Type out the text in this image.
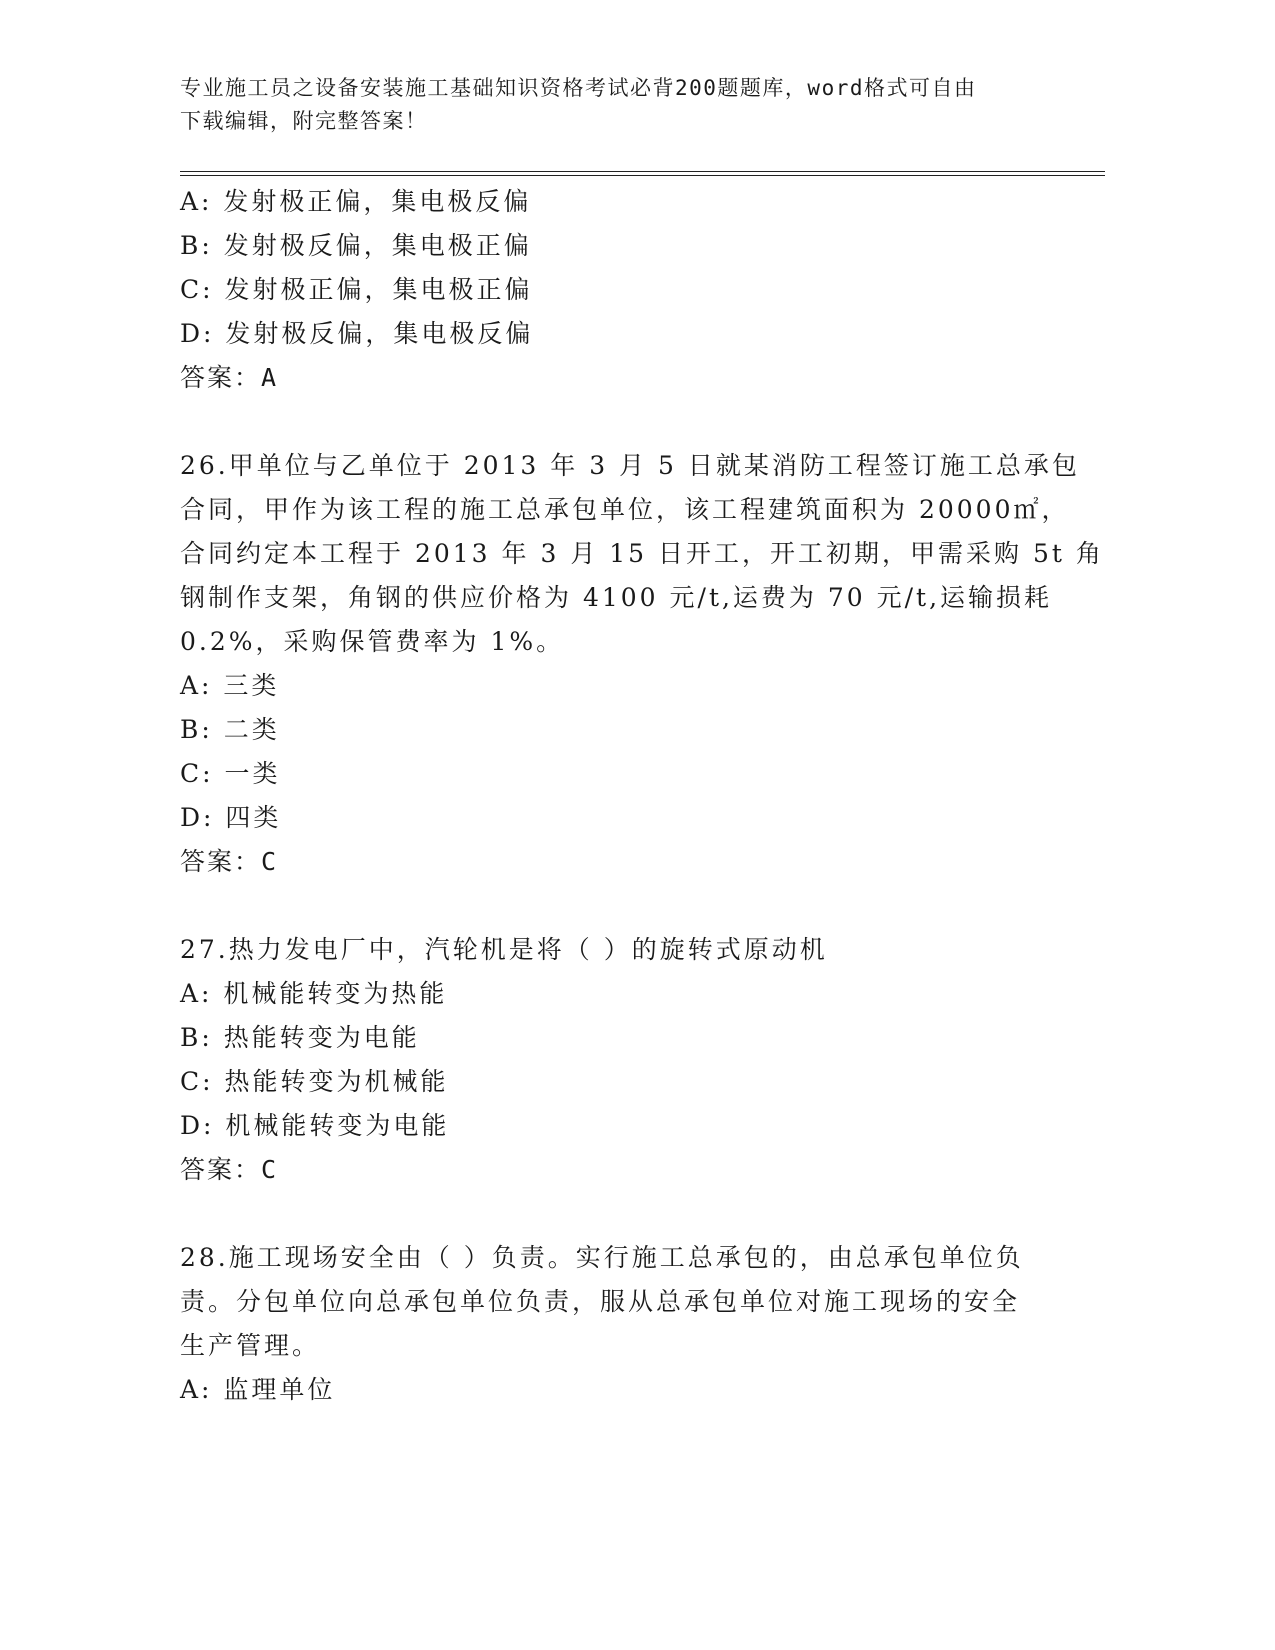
专业施工员之设备安装施工基础知识资格考试必背200题题库，word格式可自由
下载编辑，附完整答案！
A: 发射极正偏，集电极反偏
B: 发射极反偏，集电极正偏
C: 发射极正偏，集电极正偏
D: 发射极反偏，集电极反偏
答案：A
26.甲单位与乙单位于 2013 年 3 月 5 日就某消防工程签订施工总承包
合同，甲作为该工程的施工总承包单位，该工程建筑面积为 20000㎡，
合同约定本工程于 2013 年 3 月 15 日开工，开工初期，甲需采购 5t 角
钢制作支架，角钢的供应价格为 4100 元/t,运费为 70 元/t,运输损耗
0.2%，采购保管费率为 1%。
A: 三类
B: 二类
C: 一类
D: 四类
答案：C
27.热力发电厂中，汽轮机是将（ ）的旋转式原动机
A: 机械能转变为热能
B: 热能转变为电能
C: 热能转变为机械能
D: 机械能转变为电能
答案：C
28.施工现场安全由（ ）负责。实行施工总承包的，由总承包单位负
责。分包单位向总承包单位负责，服从总承包单位对施工现场的安全
生产管理。
A: 监理单位
